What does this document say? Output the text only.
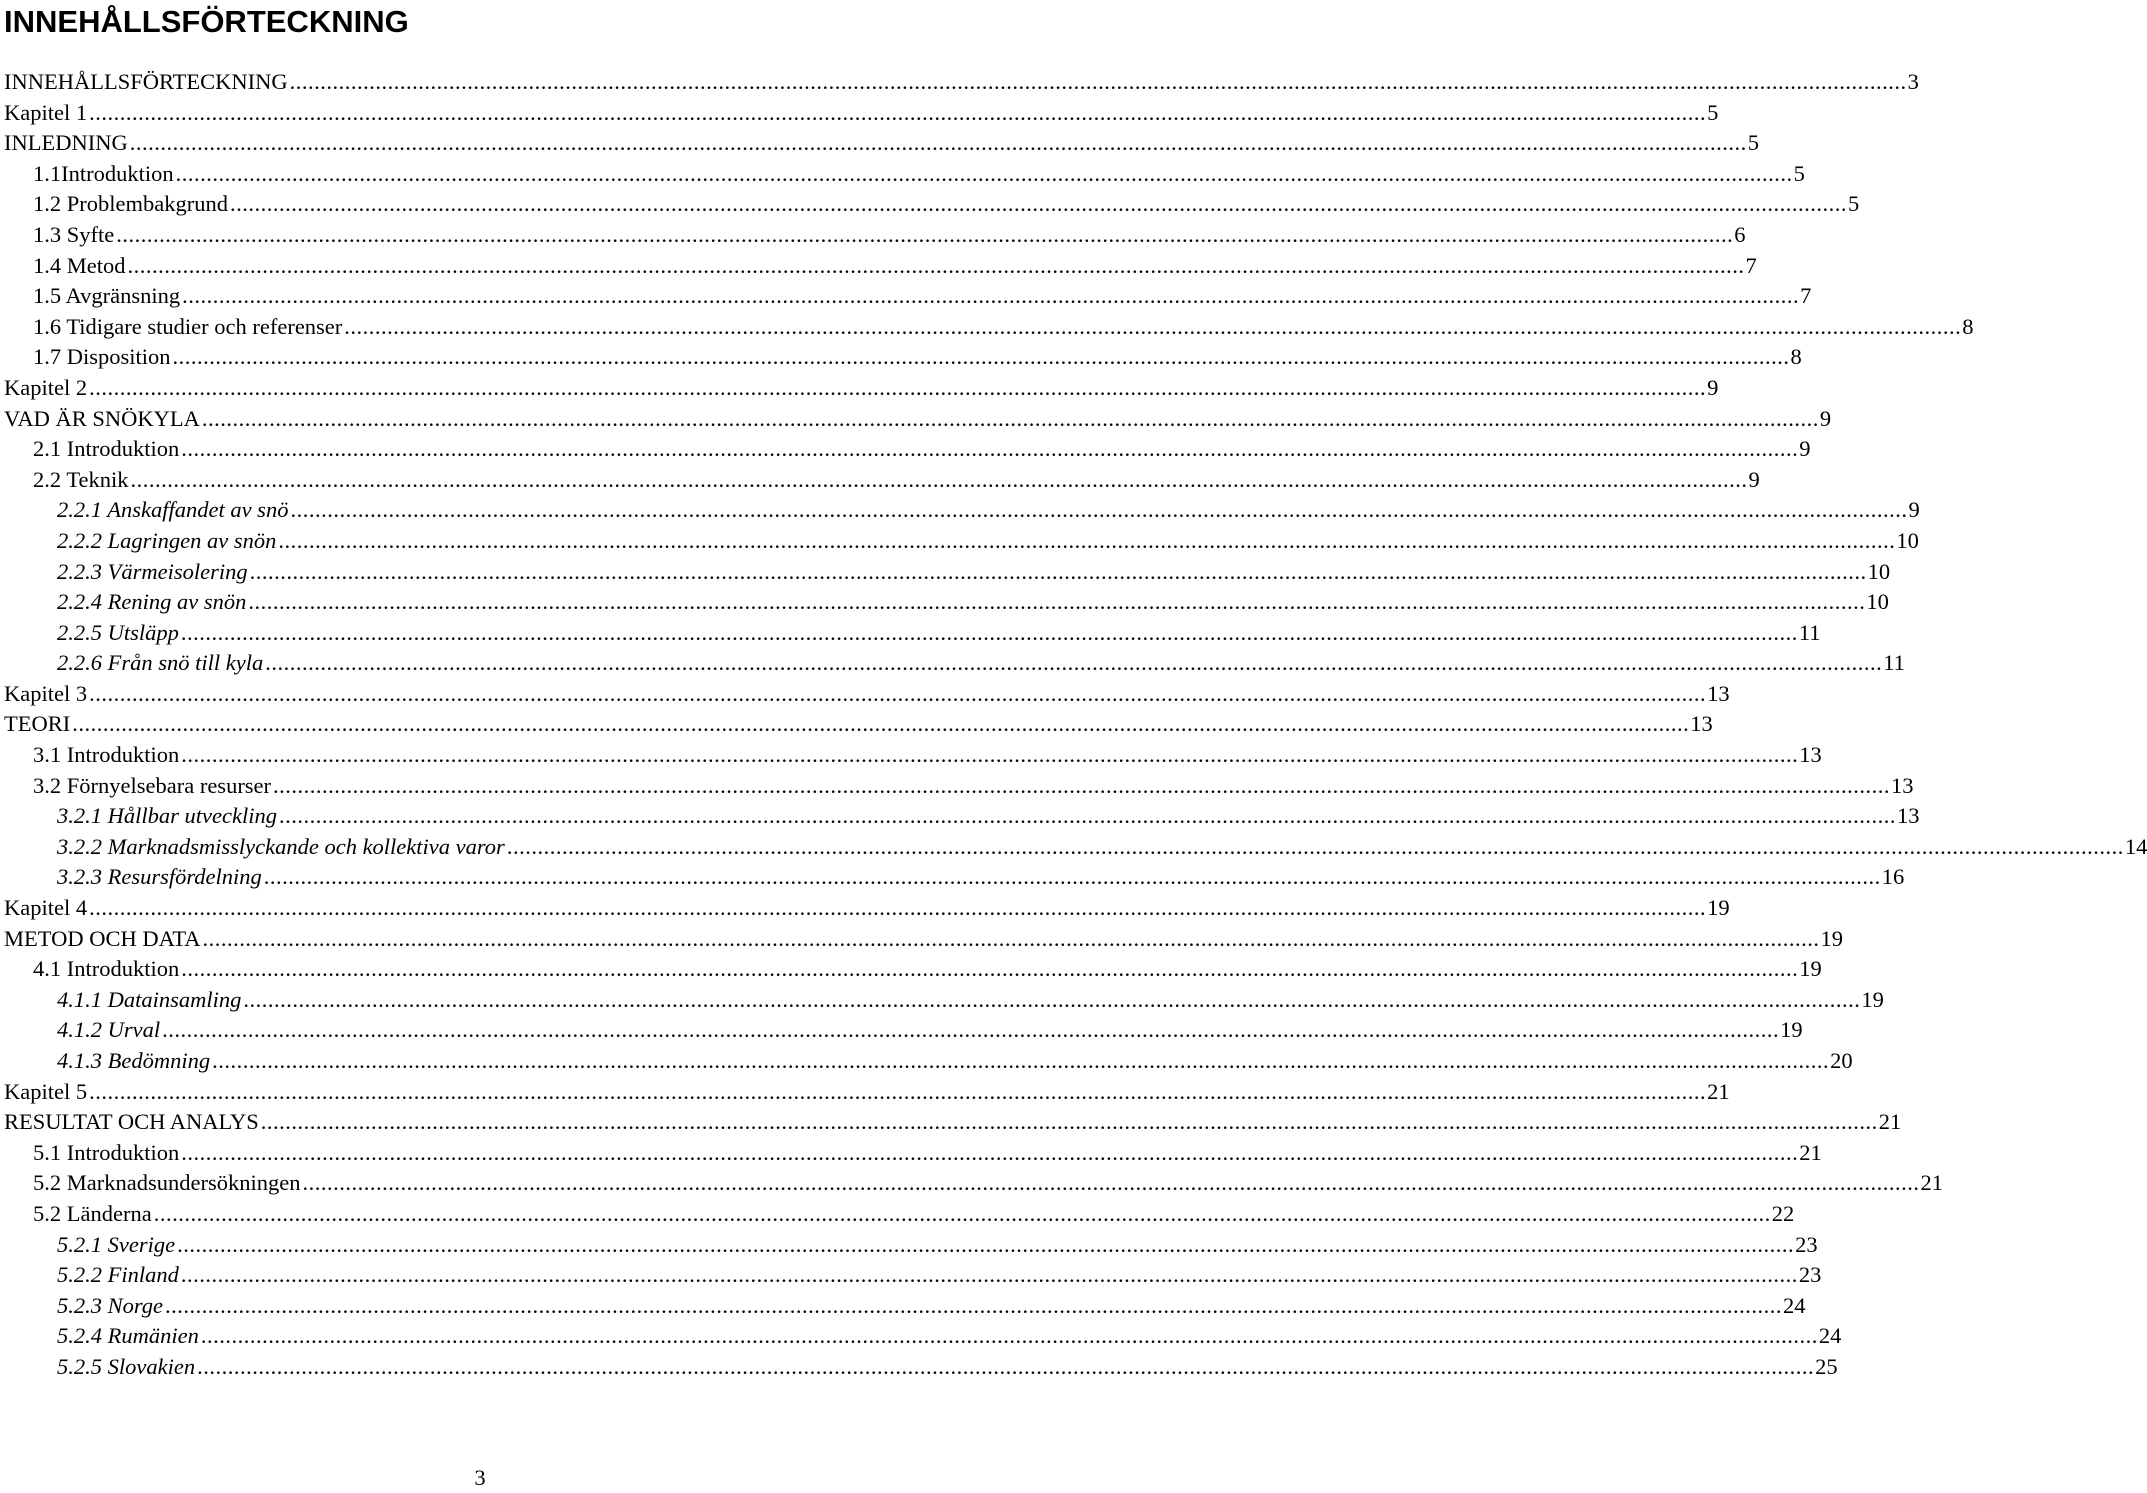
INNEHÅLLSFÖRTECKNING
INNEHÅLLSFÖRTECKNING .....	3
Kapitel 1 .....	5
INLEDNING .....	5
1.1 Introduktion .....	5
1.2 Problembakgrund .....	5
1.3 Syfte .....	6
1.4 Metod .....	7
1.5 Avgränsning .....	7
1.6 Tidigare studier och referenser .....	8
1.7 Disposition .....	8
Kapitel 2 .....	9
VAD ÄR SNÖKYLA .....	9
2.1 Introduktion .....	9
2.2 Teknik .....	9
2.2.1 Anskaffandet av snö .....	9
2.2.2 Lagringen av snön .....	10
2.2.3 Värmeisolering .....	10
2.2.4 Rening av snön .....	10
2.2.5 Utsläpp .....	11
2.2.6 Från snö till kyla .....	11
Kapitel 3 .....	13
TEORI .....	13
3.1 Introduktion .....	13
3.2 Förnyelsebara resurser .....	13
3.2.1 Hållbar utveckling .....	13
3.2.2 Marknadsmisslyckande och kollektiva varor .....	14
3.2.3 Resursfördelning .....	16
Kapitel 4 .....	19
METOD OCH DATA .....	19
4.1 Introduktion .....	19
4.1.1 Datainsamling .....	19
4.1.2 Urval .....	19
4.1.3 Bedömning .....	20
Kapitel 5 .....	21
RESULTAT OCH ANALYS .....	21
5.1 Introduktion .....	21
5.2 Marknadsundersökningen .....	21
5.2 Länderna .....	22
5.2.1 Sverige .....	23
5.2.2 Finland .....	23
5.2.3 Norge .....	24
5.2.4 Rumänien .....	24
5.2.5 Slovakien .....	25
3
